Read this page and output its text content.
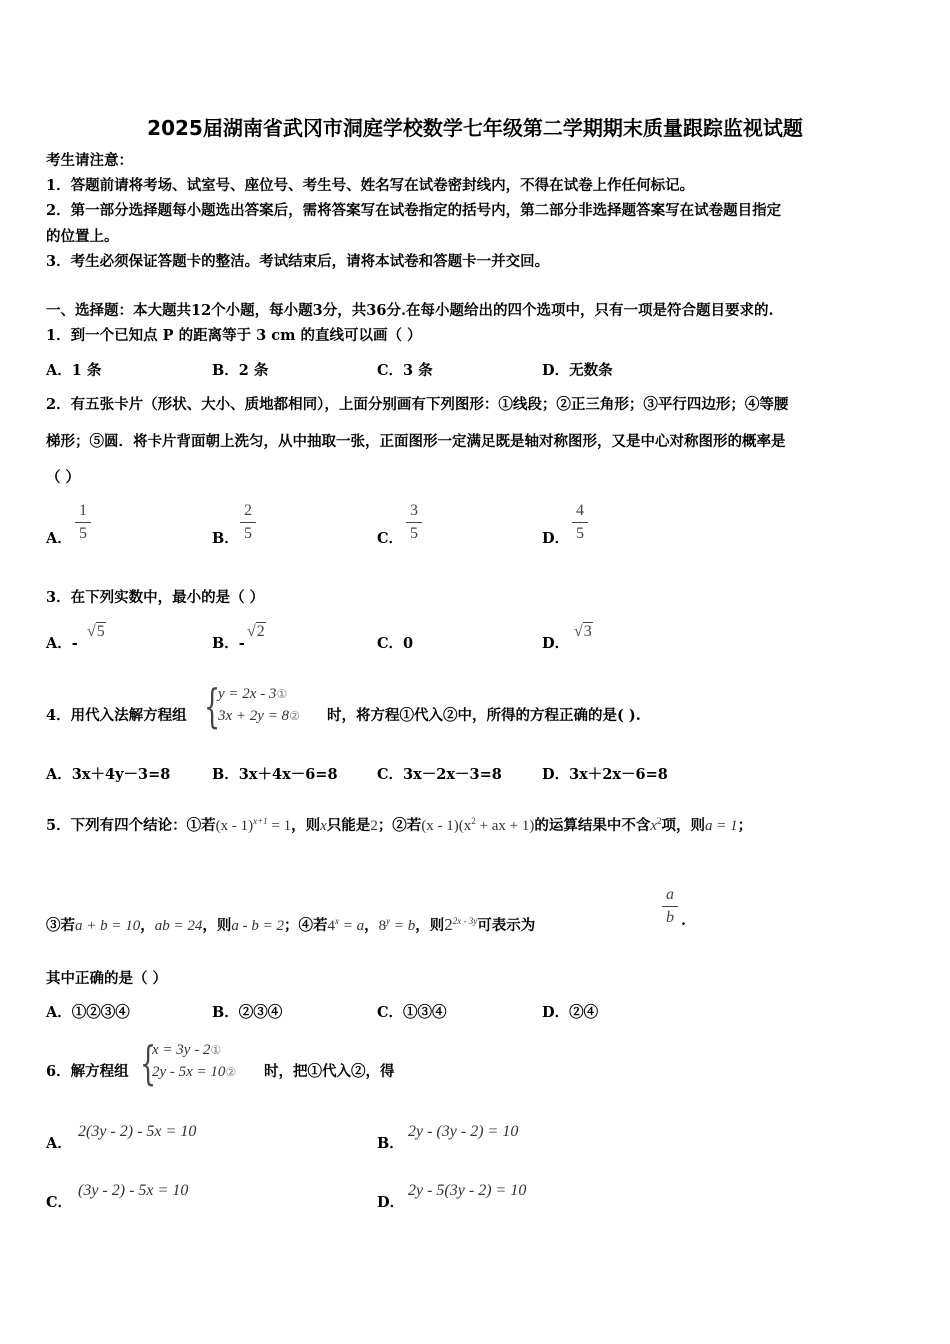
2025届湖南省武冈市洞庭学校数学七年级第二学期期末质量跟踪监视试题
考生请注意：
1．答题前请将考场、试室号、座位号、考生号、姓名写在试卷密封线内，不得在试卷上作任何标记。
2．第一部分选择题每小题选出答案后，需将答案写在试卷指定的括号内，第二部分非选择题答案写在试卷题目指定
的位置上。
3．考生必须保证答题卡的整洁。考试结束后，请将本试卷和答题卡一并交回。
一、选择题：本大题共12个小题，每小题3分，共36分.在每小题给出的四个选项中，只有一项是符合题目要求的.
1．到一个已知点 P 的距离等于 3 cm 的直线可以画（ ）
A．1 条	B．2 条	C．3 条	D．无数条
2．有五张卡片（形状、大小、质地都相同），上面分别画有下列图形：①线段；②正三角形；③平行四边形；④等腰
梯形；⑤圆．将卡片背面朝上洗匀，从中抽取一张，正面图形一定满足既是轴对称图形，又是中心对称图形的概率是
（ ）
A．
1
5	B．
2
5	C．
3
5	D．
4
5
3．在下列实数中，最小的是（ ）
A．-
√5
B．-
√2
C．0	D．
√3
4．用代入法解方程组 {
y = 2x - 3①
3x + 2y = 8② 时，将方程①代入②中，所得的方程正确的是( ).
A．3x＋4y－3=8	B．3x＋4x－6=8	C．3x－2x－3=8	D．3x＋2x－6=8
5．下列有四个结论：①若(x - 1)$^{x+1}$ = 1，则x只能是2；②若$(x - 1)(x^2$ + ax + 1)的运算结果中不含$x^2$项，则a = 1；
③若a + b = 10，ab = 24，则a - b = 2；④若$4^x = a$，$8^y = b$，则$2^{2x - 3y}$可表示为
a
b .
其中正确的是（ ）
A．①②③④	B．②③④	C．①③④	D．②④
6．解方程组 {
x = 3y - 2①
2y - 5x = 10② 时，把①代入②，得
A．
2(3y - 2) - 5x = 10
B．
2y - (3y - 2) = 10
C．
(3y - 2) - 5x = 10
D．
2y - 5(3y - 2) = 10
